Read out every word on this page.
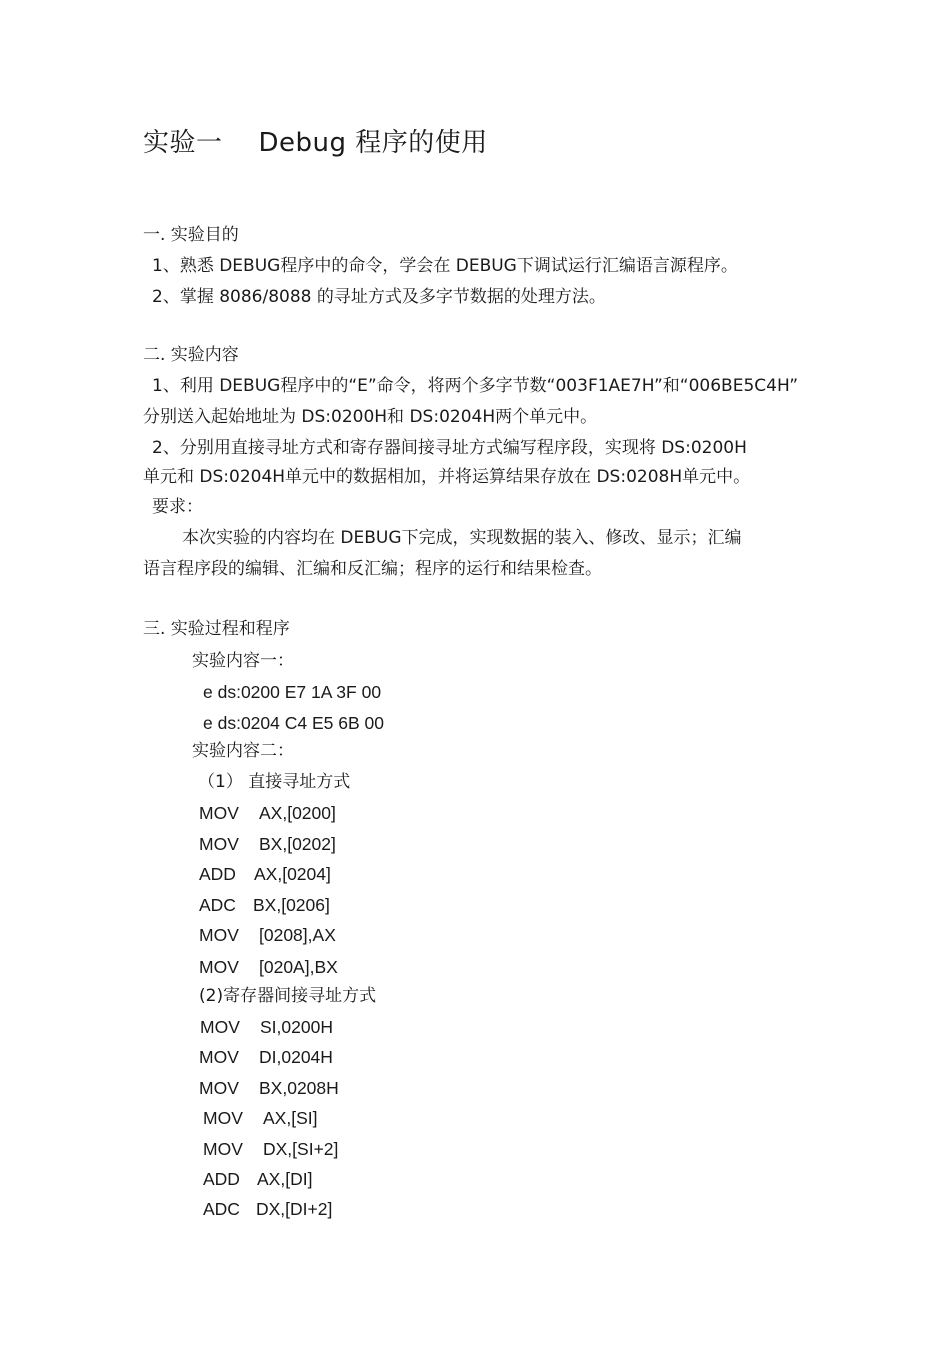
实验一 Debug 程序的使用
一. 实验目的
1、熟悉 DEBUG程序中的命令，学会在 DEBUG下调试运行汇编语言源程序。
2、掌握 8086/8088 的寻址方式及多字节数据的处理方法。
二. 实验内容
1、利用 DEBUG程序中的“E”命令，将两个多字节数“003F1AE7H”和“006BE5C4H”
分别送入起始地址为 DS:0200H和 DS:0204H两个单元中。
2、分别用直接寻址方式和寄存器间接寻址方式编写程序段，实现将 DS:0200H
单元和 DS:0204H单元中的数据相加，并将运算结果存放在 DS:0208H单元中。
要求：
本次实验的内容均在 DEBUG下完成，实现数据的装入、修改、显示；汇编
语言程序段的编辑、汇编和反汇编；程序的运行和结果检查。
三. 实验过程和程序
实验内容一：
e ds:0200 E7 1A 3F 00
e ds:0204 C4 E5 6B 00
实验内容二：
（1） 直接寻址方式
MOV AX,[0200]
MOV BX,[0202]
ADD AX,[0204]
ADC BX,[0206]
MOV [0208],AX
MOV [020A],BX
(2)寄存器间接寻址方式
MOV SI,0200H
MOV DI,0204H
MOV BX,0208H
MOV AX,[SI]
MOV DX,[SI+2]
ADD AX,[DI]
ADC DX,[DI+2]
